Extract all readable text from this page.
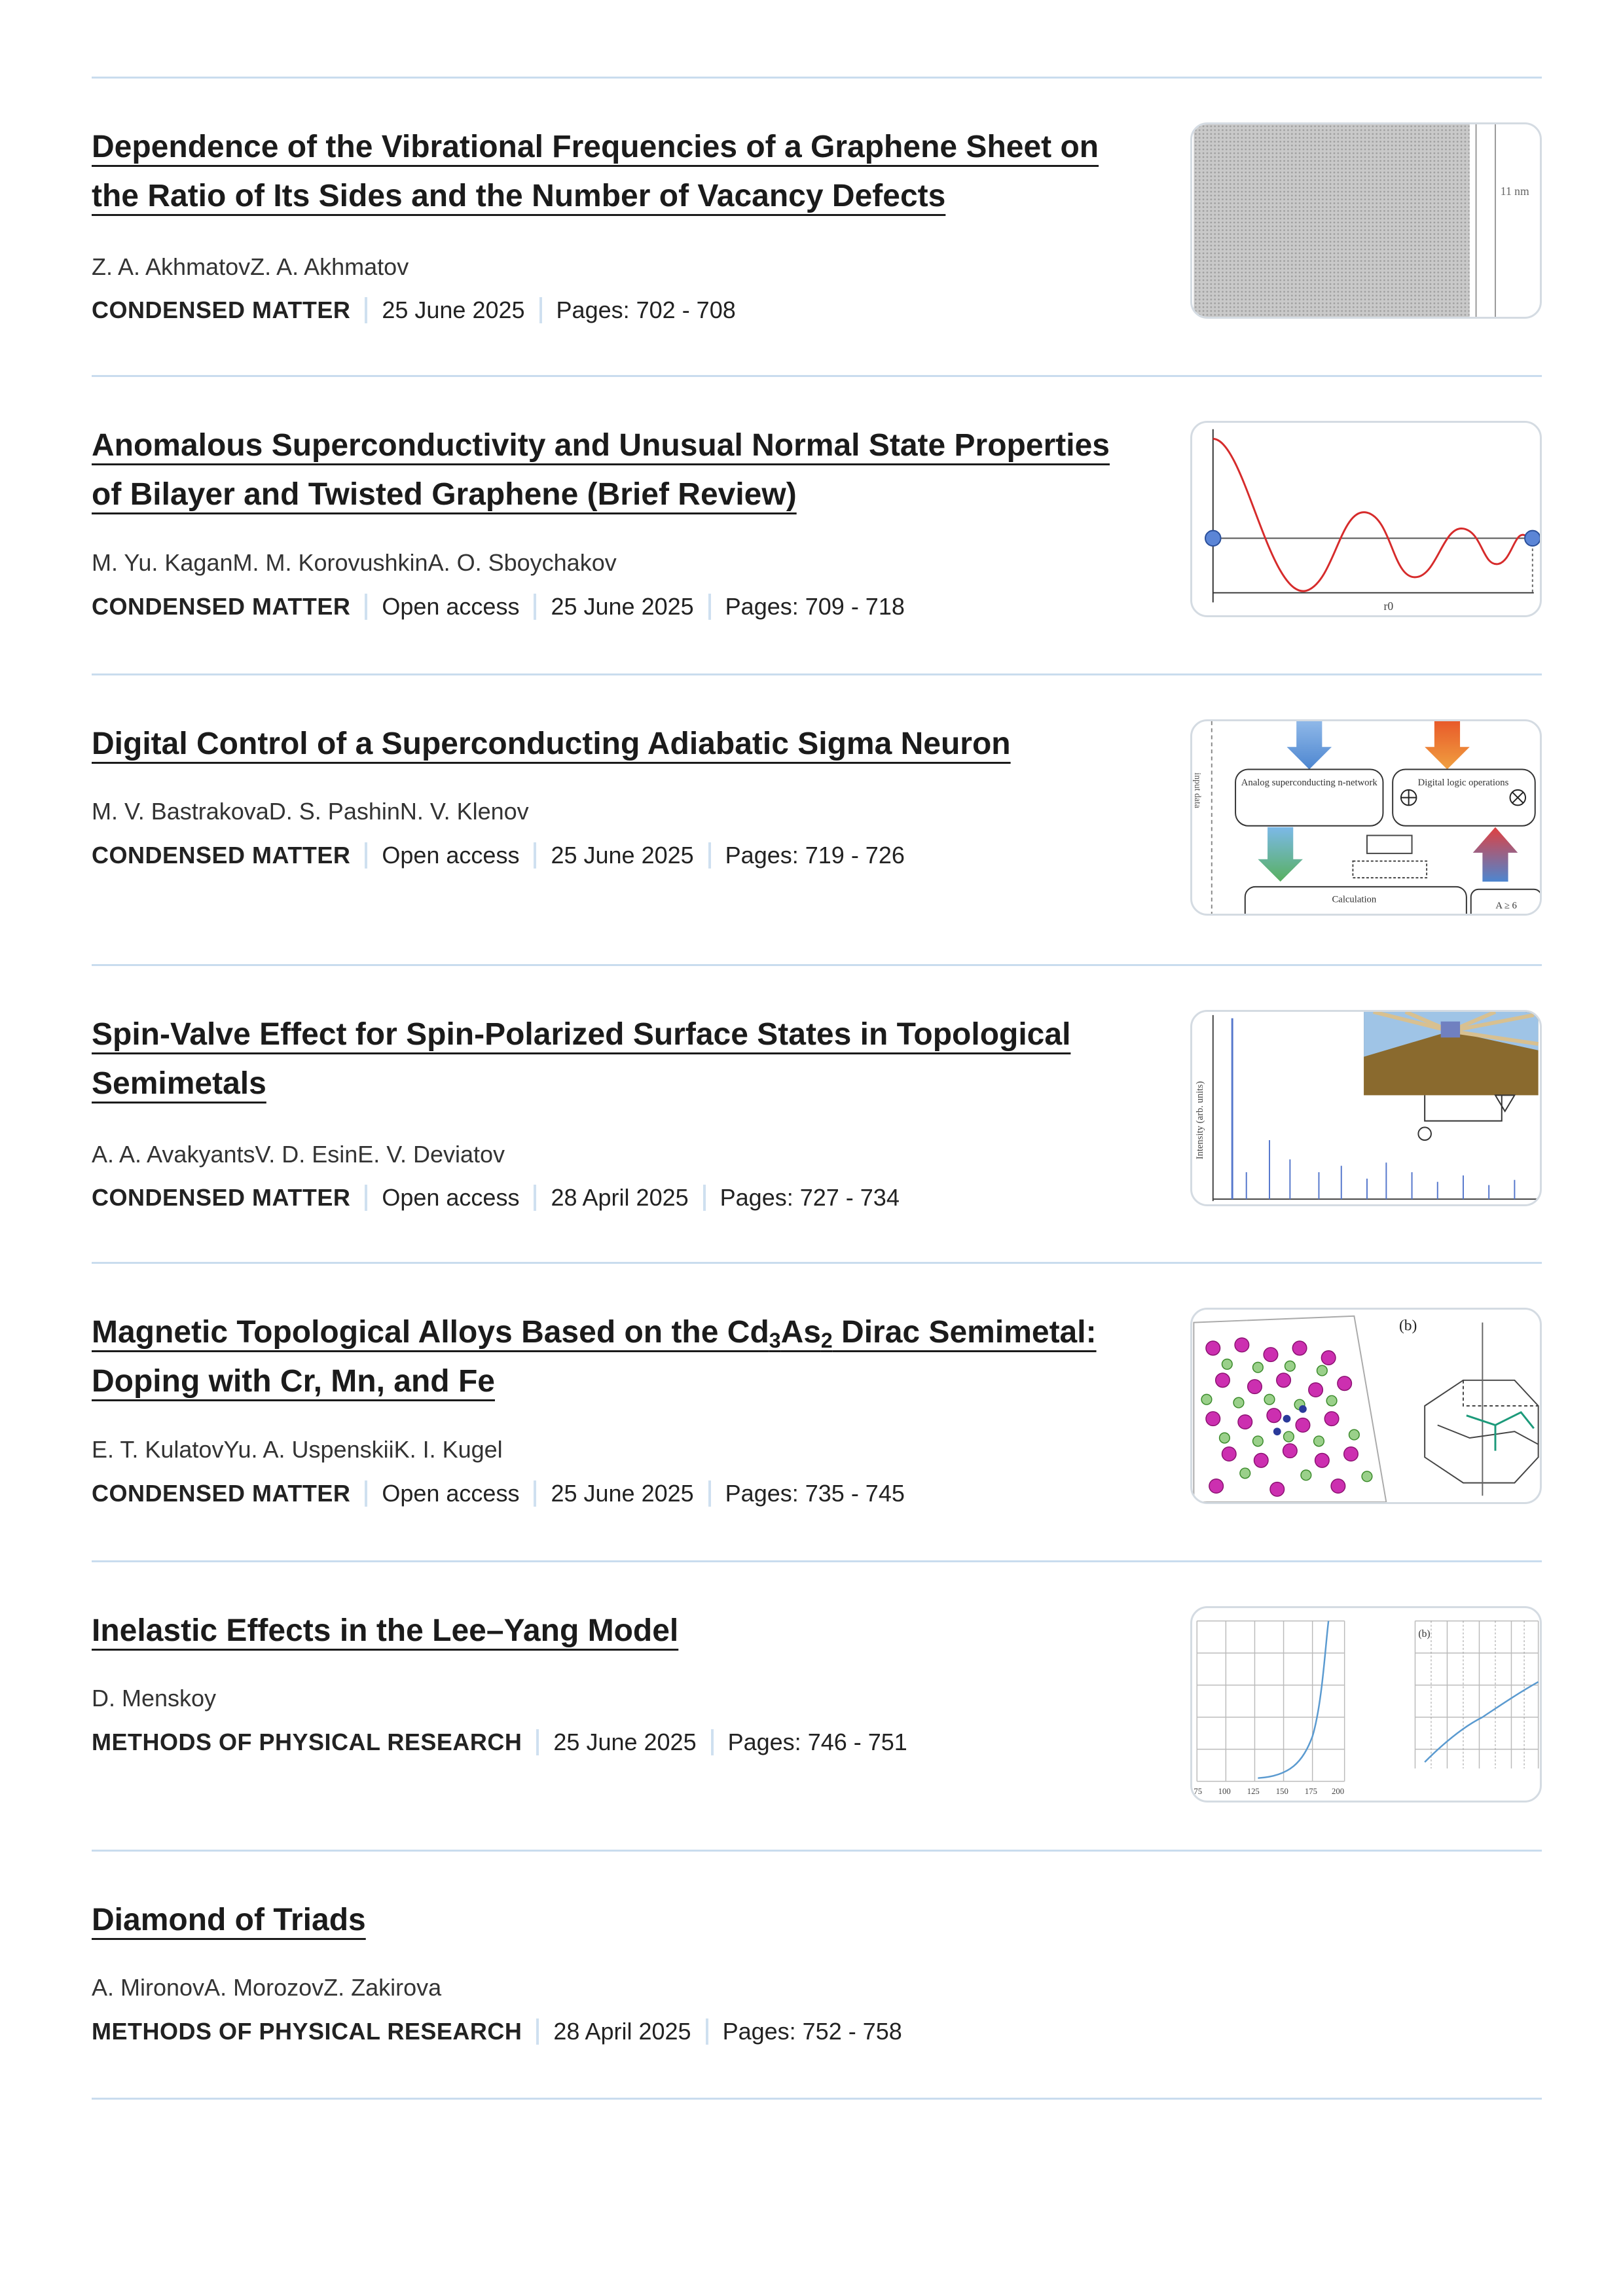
Dependence of the Vibrational Frequencies of a Graphene Sheet on the Ratio of Its Sides and the Number of Vacancy Defects
Z. A. AkhmatovZ. A. Akhmatov
CONDENSED MATTER 25 June 2025 Pages: 702 - 708
11 nm
Anomalous Superconductivity and Unusual Normal State Properties of Bilayer and Twisted Graphene (Brief Review)
M. Yu. KaganM. M. KorovushkinA. O. Sboychakov
CONDENSED MATTER Open access 25 June 2025 Pages: 709 - 718	r0
Digital Control of a Superconducting Adiabatic Sigma Neuron
M. V. BastrakovaD. S. PashinN. V. Klenov
CONDENSED MATTER Open access 25 June 2025 Pages: 719 - 726
input data	Analog superconducting n-network	Digital logic operations
Calculation
A ≥ 6
Spin-Valve Effect for Spin-Polarized Surface States in Topological Semimetals
A. A. AvakyantsV. D. EsinE. V. Deviatov
CONDENSED MATTER Open access 28 April 2025 Pages: 727 - 734
Intensity (arb. units)
Magnetic Topological Alloys Based on the $Cd_3As_2$ Dirac Semimetal: Doping with Cr, Mn, and Fe
E. T. KulatovYu. A. UspenskiiK. I. Kugel
CONDENSED MATTER Open access 25 June 2025 Pages: 735 - 745
(b)
Inelastic Effects in the Lee–Yang Model
D. Menskoy
METHODS OF PHYSICAL RESEARCH 25 June 2025 Pages: 746 - 751
75 100 125 150 175 200
(b)
Diamond of Triads
A. MironovA. MorozovZ. Zakirova
METHODS OF PHYSICAL RESEARCH 28 April 2025 Pages: 752 - 758
